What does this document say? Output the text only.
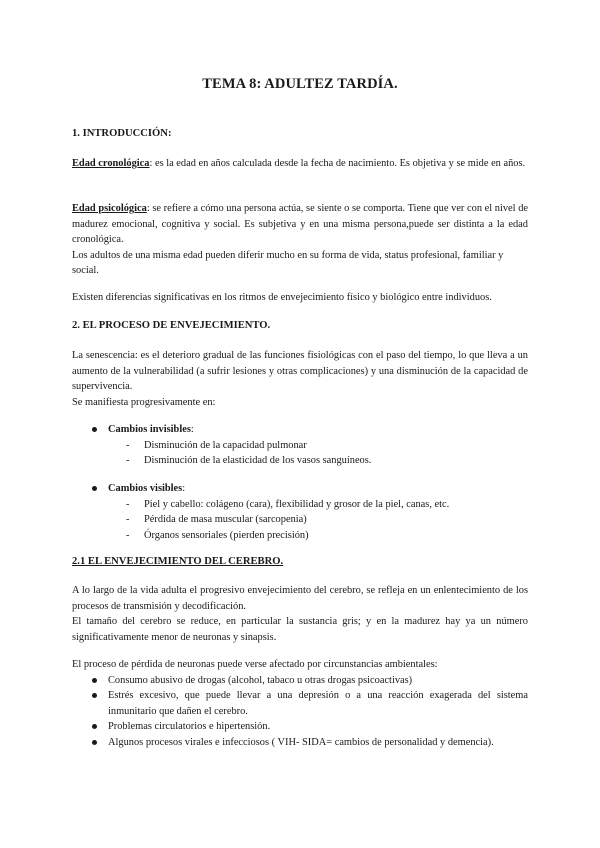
TEMA 8: ADULTEZ TARDÍA.
1. INTRODUCCIÓN:

Edad cronológica: es la edad en años calculada desde la fecha de nacimiento. Es objetiva y se mide en años.

Edad psicológica: se refiere a cómo una persona actúa, se siente o se comporta. Tiene que ver con el nivel de madurez emocional, cognitiva y social. Es subjetiva y en una misma persona,puede ser distinta a la edad cronológica.

Los adultos de una misma edad pueden diferir mucho en su forma de vida, status profesional, familiar y social.

Existen diferencias significativas en los ritmos de envejecimiento físico y biológico entre individuos.

2. EL PROCESO DE ENVEJECIMIENTO.

La senescencia: es el deterioro gradual de las funciones fisiológicas con el paso del tiempo, lo que lleva a un aumento de la vulnerabilidad (a sufrir lesiones y otras complicaciones) y una disminución de la capacidad de supervivencia.

Se manifiesta progresivamente en:

Cambios invisibles:
- Disminución de la capacidad pulmonar
- Disminución de la elasticidad de los vasos sanguíneos.
Cambios visibles:
- Piel y cabello: colágeno (cara), flexibilidad y grosor de la piel, canas, etc.
- Pérdida de masa muscular (sarcopenia)
- Órganos sensoriales (pierden precisión)
2.1 EL ENVEJECIMIENTO DEL CEREBRO.

A lo largo de la vida adulta el progresivo envejecimiento del cerebro, se refleja en un enlentecimiento de los procesos de transmisión y decodificación.

El tamaño del cerebro se reduce, en particular la sustancia gris; y en la madurez hay ya un número significativamente menor de neuronas y sinapsis.

El proceso de pérdida de neuronas puede verse afectado por circunstancias ambientales:

Consumo abusivo de drogas (alcohol, tabaco u otras drogas psicoactivas)
Estrés excesivo, que puede llevar a una depresión o a una reacción exagerada del sistema inmunitario que dañen el cerebro.
Problemas circulatorios e hipertensión.
Algunos procesos virales e infecciosos ( VIH- SIDA= cambios de personalidad y demencia).
